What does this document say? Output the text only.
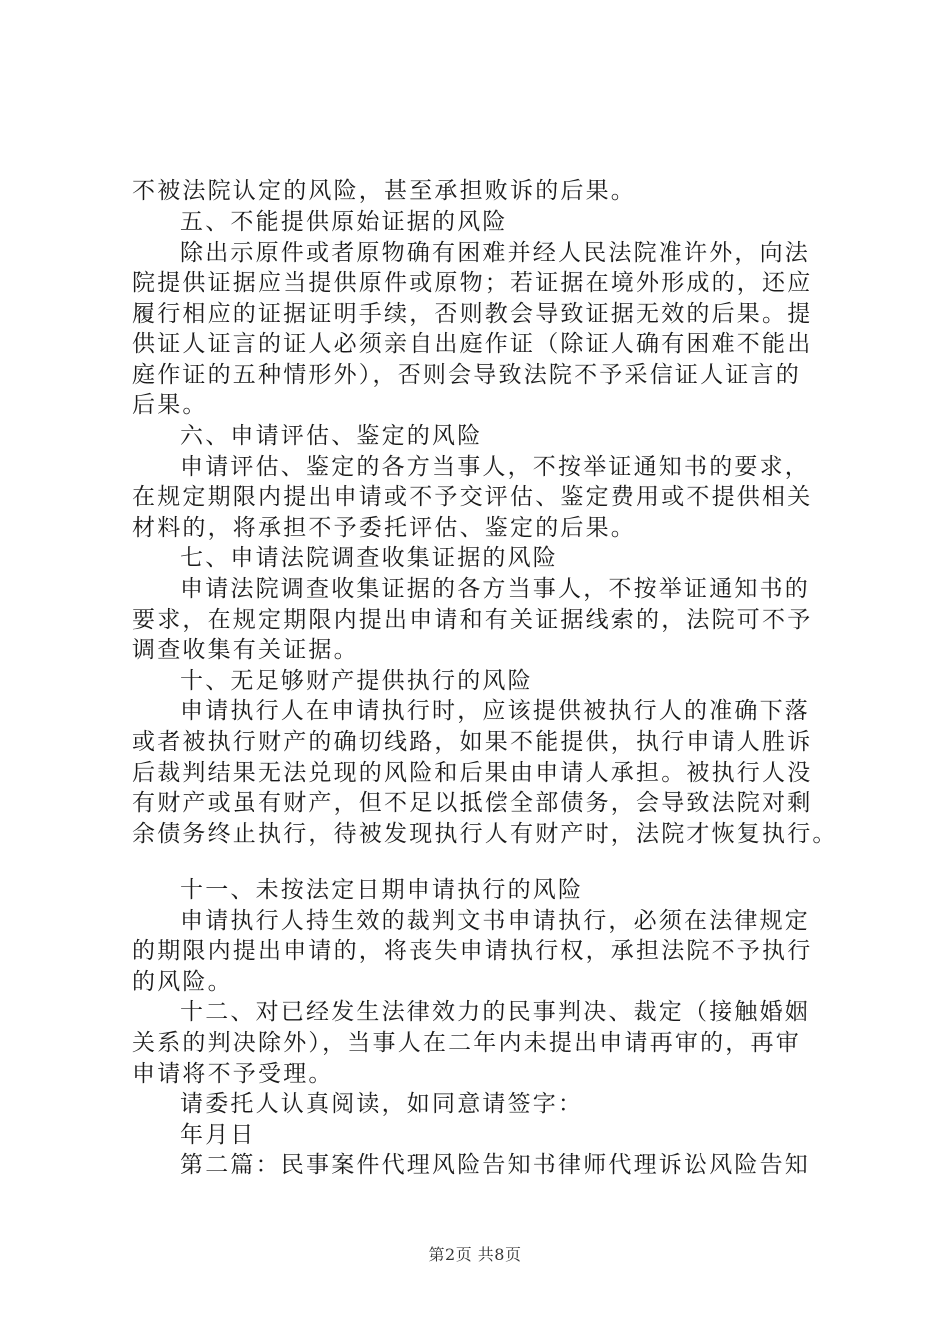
不被法院认定的风险，甚至承担败诉的后果。
五、不能提供原始证据的风险
除出示原件或者原物确有困难并经人民法院准许外，向法
院提供证据应当提供原件或原物；若证据在境外形成的，还应
履行相应的证据证明手续，否则教会导致证据无效的后果。提
供证人证言的证人必须亲自出庭作证（除证人确有困难不能出
庭作证的五种情形外），否则会导致法院不予采信证人证言的
后果。
六、申请评估、鉴定的风险
申请评估、鉴定的各方当事人，不按举证通知书的要求，
在规定期限内提出申请或不予交评估、鉴定费用或不提供相关
材料的，将承担不予委托评估、鉴定的后果。
七、申请法院调查收集证据的风险
申请法院调查收集证据的各方当事人，不按举证通知书的
要求，在规定期限内提出申请和有关证据线索的，法院可不予
调查收集有关证据。
十、无足够财产提供执行的风险
申请执行人在申请执行时，应该提供被执行人的准确下落
或者被执行财产的确切线路，如果不能提供，执行申请人胜诉
后裁判结果无法兑现的风险和后果由申请人承担。被执行人没
有财产或虽有财产，但不足以抵偿全部债务，会导致法院对剩
余债务终止执行，待被发现执行人有财产时，法院才恢复执行。
十一、未按法定日期申请执行的风险
申请执行人持生效的裁判文书申请执行，必须在法律规定
的期限内提出申请的，将丧失申请执行权，承担法院不予执行
的风险。
十二、对已经发生法律效力的民事判决、裁定（接触婚姻
关系的判决除外），当事人在二年内未提出申请再审的，再审
申请将不予受理。
请委托人认真阅读，如同意请签字：
年月日
第二篇：民事案件代理风险告知书律师代理诉讼风险告知
第2页 共8页
